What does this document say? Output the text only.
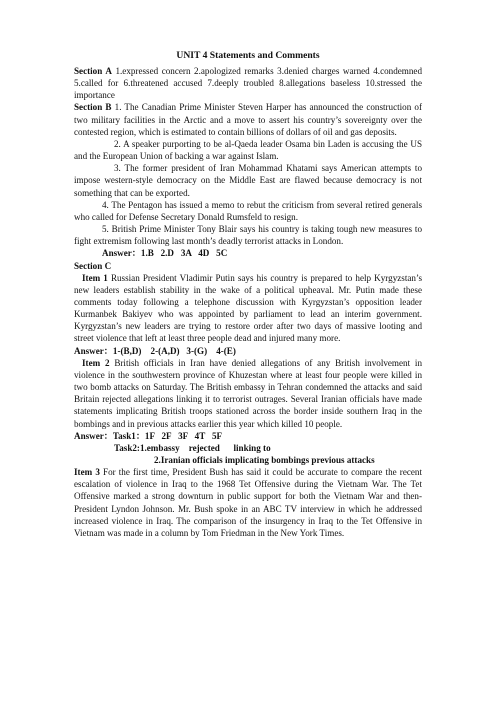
UNIT 4 Statements and Comments

Section A 1.expressed concern 2.apologized remarks 3.denied charges warned 4.condemned 5.called for 6.threatened accused 7.deeply troubled 8.allegations baseless 10.stressed the importance

Section B 1. The Canadian Prime Minister Steven Harper has announced the construction of two military facilities in the Arctic and a move to assert his country’s sovereignty over the contested region, which is estimated to contain billions of dollars of oil and gas deposits.

2. A speaker purporting to be al-Qaeda leader Osama bin Laden is accusing the US and the European Union of backing a war against Islam.

3. The former president of Iran Mohammad Khatami says American attempts to impose western-style democracy on the Middle East are flawed because democracy is not something that can be exported.

4. The Pentagon has issued a memo to rebut the criticism from several retired generals who called for Defense Secretary Donald Rumsfeld to resign.

5. British Prime Minister Tony Blair says his country is taking tough new measures to fight extremism following last month’s deadly terrorist attacks in London.

Answer：1.B   2.D   3A   4D   5C

Section C

Item 1 Russian President Vladimir Putin says his country is prepared to help Kyrgyzstan’s new leaders establish stability in the wake of a political upheaval. Mr. Putin made these comments today following a telephone discussion with Kyrgyzstan’s opposition leader Kurmanbek Bakiyev who was appointed by parliament to lead an interim government. Kyrgyzstan’s new leaders are trying to restore order after two days of massive looting and street violence that left at least three people dead and injured many more.

Answer：1-(B,D)    2-(A,D)   3-(G)    4-(E)

Item 2 British officials in Iran have denied allegations of any British involvement in violence in the southwestern province of Khuzestan where at least four people were killed in two bomb attacks on Saturday. The British embassy in Tehran condemned the attacks and said Britain rejected allegations linking it to terrorist outrages. Several Iranian officials have made statements implicating British troops stationed across the border inside southern Iraq in the bombings and in previous attacks earlier this year which killed 10 people.

Answer：Task1：1F   2F   3F   4T   5F

Task2:1.embassy    rejected      linking to

2.Iranian officials implicating bombings previous attacks

Item 3 For the first time, President Bush has said it could be accurate to compare the recent escalation of violence in Iraq to the 1968 Tet Offensive during the Vietnam War. The Tet Offensive marked a strong downturn in public support for both the Vietnam War and then-President Lyndon Johnson. Mr. Bush spoke in an ABC TV interview in which he addressed increased violence in Iraq. The comparison of the insurgency in Iraq to the Tet Offensive in Vietnam was made in a column by Tom Friedman in the New York Times.
